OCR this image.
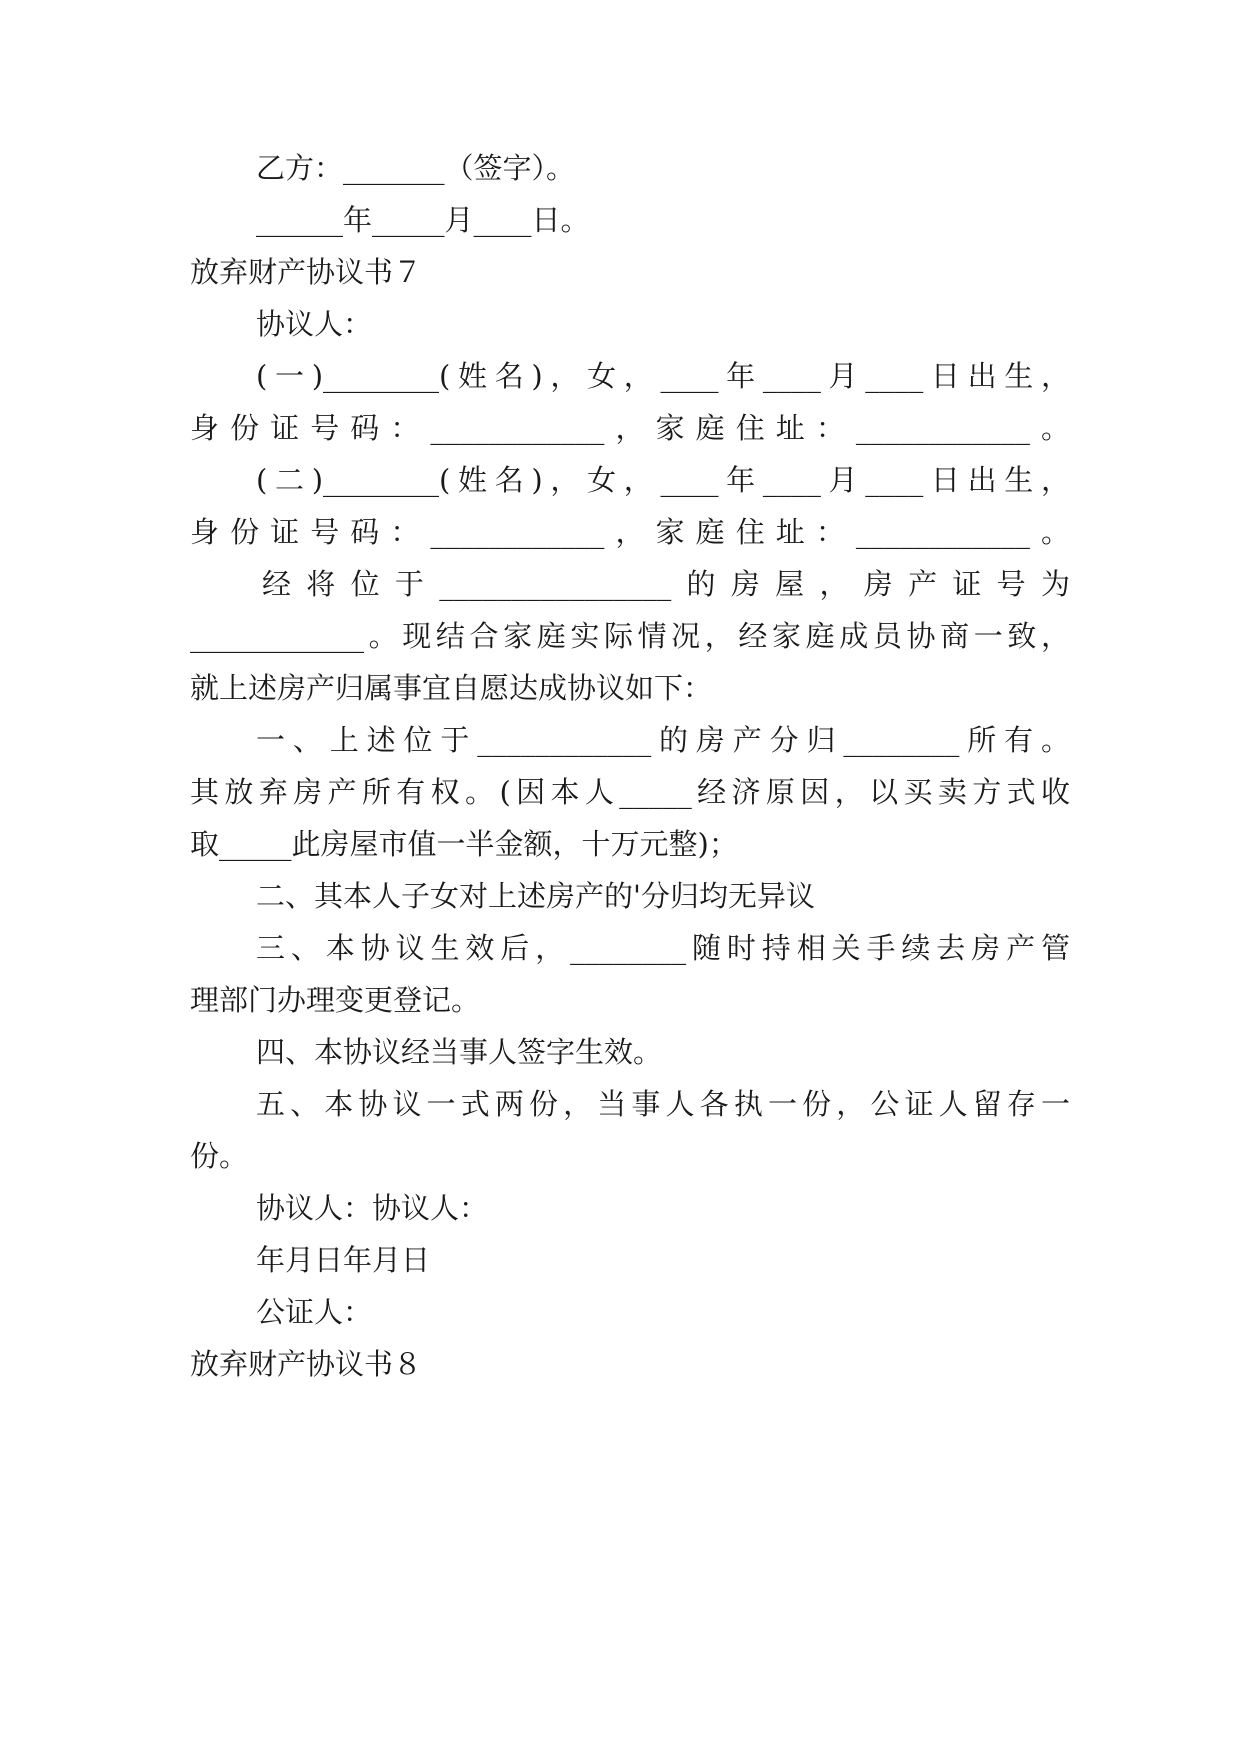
乙方：_______（签字）。
______年_____月____日。
放弃财产协议书７
协议人：
(一)________(姓名)，女，____年____月____日出生，
身份证号码：____________，家庭住址：____________。
(二)________(姓名)，女，____年____月____日出生，
身份证号码：____________，家庭住址：____________。
经将位于________________的房屋，房产证号为
____________。现结合家庭实际情况，经家庭成员协商一致，
就上述房产归属事宜自愿达成协议如下：
一、上述位于____________的房产分归________所有。
其放弃房产所有权。(因本人_____经济原因，以买卖方式收
取_____此房屋市值一半金额，十万元整)；
二、其本人子女对上述房产的'分归均无异议
三、本协议生效后，________随时持相关手续去房产管
理部门办理变更登记。
四、本协议经当事人签字生效。
五、本协议一式两份，当事人各执一份，公证人留存一
份。
协议人：协议人：
年月日年月日
公证人：
放弃财产协议书８
